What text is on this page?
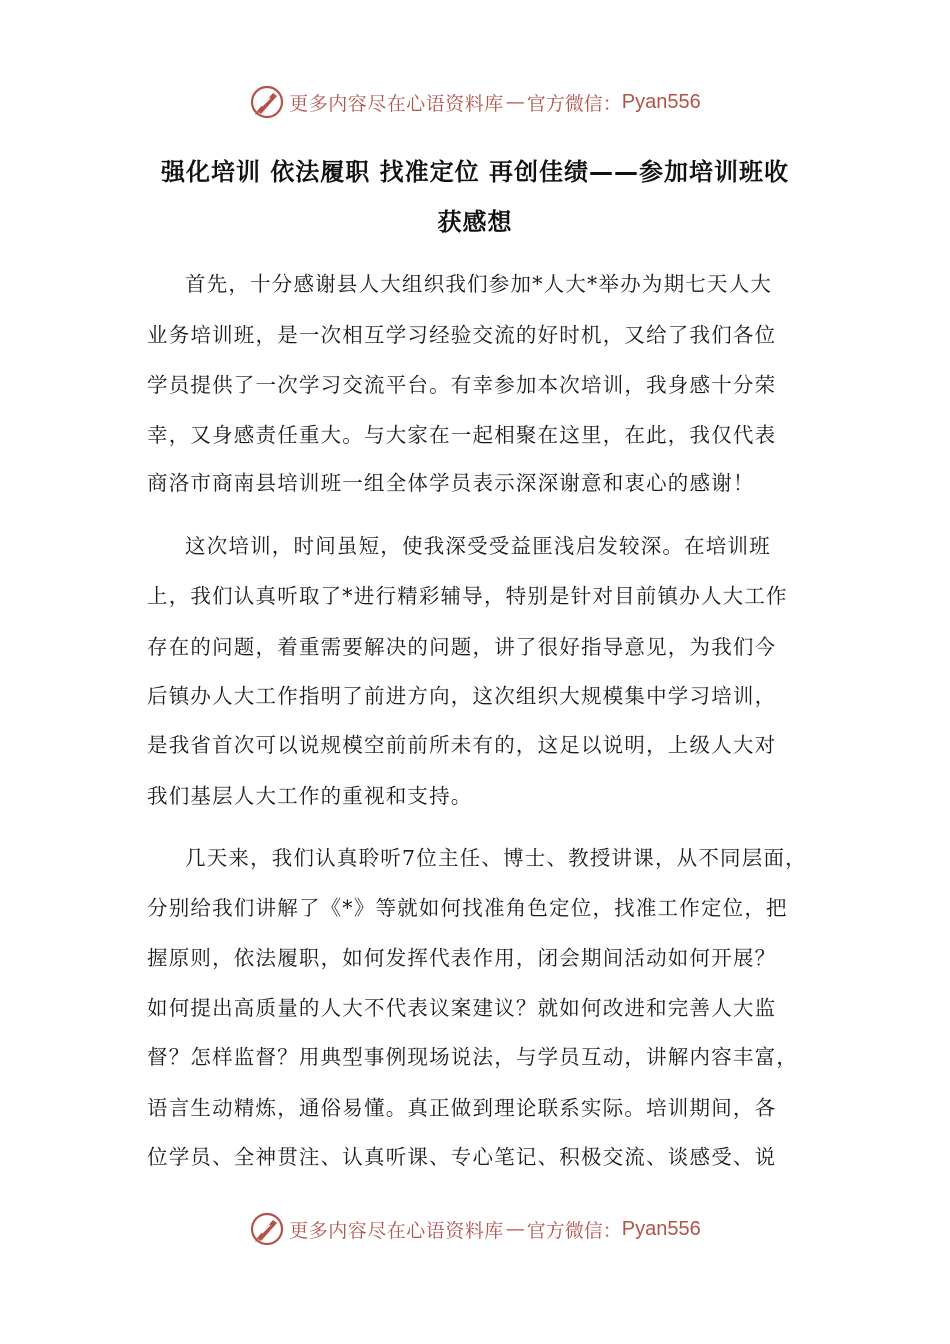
更多内容尽在心语资料库 — 官方微信： Pyan556
强化培训 依法履职 找准定位 再创佳绩——参加培训班收
获感想

首先，十分感谢县人大组织我们参加*人大*举办为期七天人大

业务培训班，是一次相互学习经验交流的好时机，又给了我们各位

学员提供了一次学习交流平台。有幸参加本次培训，我身感十分荣

幸，又身感责任重大。与大家在一起相聚在这里，在此，我仅代表

商洛市商南县培训班一组全体学员表示深深谢意和衷心的感谢！

这次培训，时间虽短，使我深受受益匪浅启发较深。在培训班

上，我们认真听取了*进行精彩辅导，特别是针对目前镇办人大工作

存在的问题，着重需要解决的问题，讲了很好指导意见，为我们今

后镇办人大工作指明了前进方向，这次组织大规模集中学习培训，

是我省首次可以说规模空前前所未有的，这足以说明，上级人大对

我们基层人大工作的重视和支持。

几天来，我们认真聆听7位主任、博士、教授讲课，从不同层面，

分别给我们讲解了《*》等就如何找准角色定位，找准工作定位，把

握原则，依法履职，如何发挥代表作用，闭会期间活动如何开展？

如何提出高质量的人大不代表议案建议？就如何改进和完善人大监

督？怎样监督？用典型事例现场说法，与学员互动，讲解内容丰富，

语言生动精炼，通俗易懂。真正做到理论联系实际。培训期间，各

位学员、全神贯注、认真听课、专心笔记、积极交流、谈感受、说

更多内容尽在心语资料库 — 官方微信： Pyan556
